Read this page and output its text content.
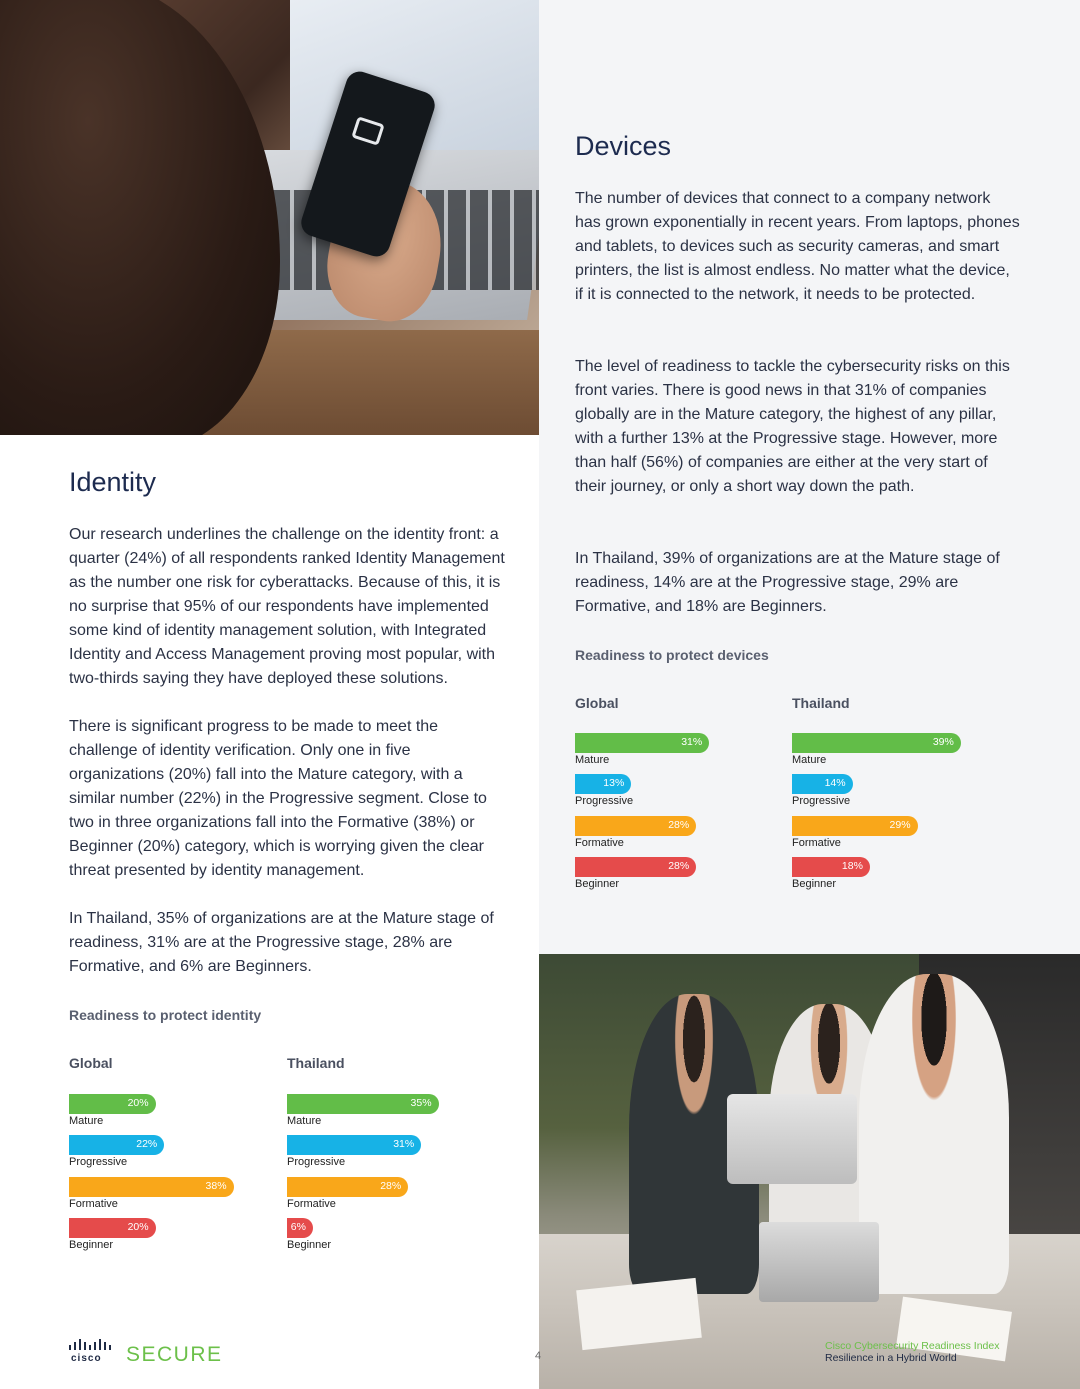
Devices

The number of devices that connect to a company network has grown exponentially in recent years. From laptops, phones and tablets, to devices such as security cameras, and smart printers, the list is almost endless. No matter what the device, if it is connected to the network, it needs to be protected.

The level of readiness to tackle the cybersecurity risks on this front varies. There is good news in that 31% of companies globally are in the Mature category, the highest of any pillar, with a further 13% at the Progressive stage. However, more than half (56%) of companies are either at the very start of their journey, or only a short way down the path.

In Thailand, 39% of organizations are at the Mature stage of readiness, 14% are at the Progressive stage, 29% are Formative, and 18% are Beginners.

Readiness to protect devices
Global
31%
Mature
13%
Progressive
28%
Formative
28%
Beginner
Thailand
39%
Mature
14%
Progressive
29%
Formative
18%
Beginner
Identity

Our research underlines the challenge on the identity front: a quarter (24%) of all respondents ranked Identity Management as the number one risk for cyberattacks. Because of this, it is no surprise that 95% of our respondents have implemented some kind of identity management solution, with Integrated Identity and Access Management proving most popular, with two-thirds saying they have deployed these solutions.

There is significant progress to be made to meet the challenge of identity verification. Only one in five organizations (20%) fall into the Mature category, with a similar number (22%) in the Progressive segment. Close to two in three organizations fall into the Formative (38%) or Beginner (20%) category, which is worrying given the clear threat presented by identity management.

In Thailand, 35% of organizations are at the Mature stage of readiness, 31% are at the Progressive stage, 28% are Formative, and 6% are Beginners.

Readiness to protect identity
Global
20%
Mature
22%
Progressive
38%
Formative
20%
Beginner
Thailand
35%
Mature
31%
Progressive
28%
Formative
6%
Beginner
cisco SECURE	4
Cisco Cybersecurity Readiness Index
Resilience in a Hybrid World
